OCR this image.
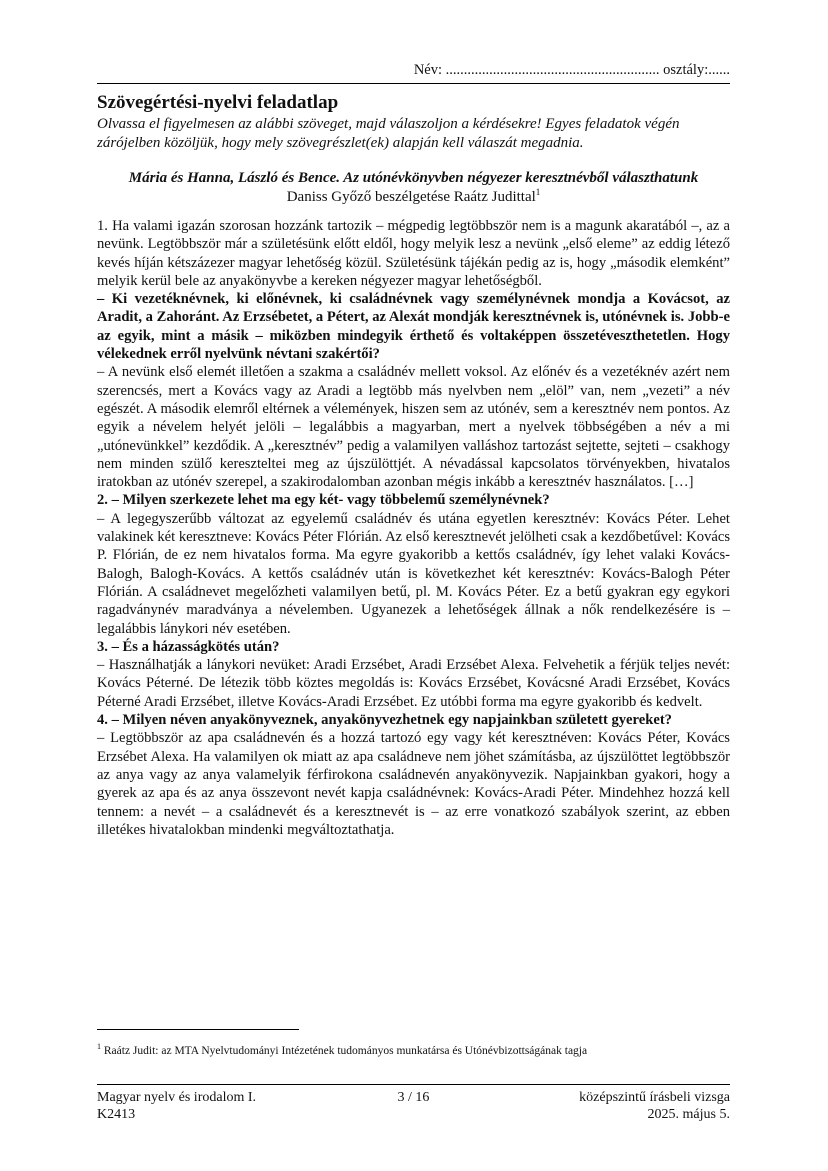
Név: ........................................................... osztály:......
Szövegértési-nyelvi feladatlap
Olvassa el figyelmesen az alábbi szöveget, majd válaszoljon a kérdésekre! Egyes feladatok végén zárójelben közöljük, hogy mely szövegrészlet(ek) alapján kell válaszát megadnia.
Mária és Hanna, László és Bence. Az utónévkönyvben négyezer keresztnévből választhatunk
Daniss Győző beszélgetése Raátz Judittal$^1$

1. Ha valami igazán szorosan hozzánk tartozik – mégpedig legtöbbször nem is a magunk akaratából –, az a nevünk. Legtöbbször már a születésünk előtt eldől, hogy melyik lesz a nevünk „első eleme” az eddig létező kevés híján kétszázezer magyar lehetőség közül. Születésünk tájékán pedig az is, hogy „második elemként” melyik kerül bele az anyakönyvbe a kereken négyezer magyar lehetőségből.

– Ki vezetéknévnek, ki előnévnek, ki családnévnek vagy személynévnek mondja a Kovácsot, az Aradit, a Zahoránt. Az Erzsébetet, a Pétert, az Alexát mondják keresztnévnek is, utónévnek is. Jobb-e az egyik, mint a másik – miközben mindegyik érthető és voltaképpen összetéveszthetetlen. Hogy vélekednek erről nyelvünk névtani szakértői?

– A nevünk első elemét illetően a szakma a családnév mellett voksol. Az előnév és a vezetéknév azért nem szerencsés, mert a Kovács vagy az Aradi a legtöbb más nyelvben nem „elöl” van, nem „vezeti” a név egészét. A második elemről eltérnek a vélemények, hiszen sem az utónév, sem a keresztnév nem pontos. Az egyik a névelem helyét jelöli – legalábbis a magyarban, mert a nyelvek többségében a név a mi „utónevünkkel” kezdődik. A „keresztnév” pedig a valamilyen valláshoz tartozást sejtette, sejteti – csakhogy nem minden szülő kereszteltei meg az újszülöttjét. A névadással kapcsolatos törvényekben, hivatalos iratokban az utónév szerepel, a szakirodalomban azonban mégis inkább a keresztnév használatos. […]

2. – Milyen szerkezete lehet ma egy két- vagy többelemű személynévnek?

– A legegyszerűbb változat az egyelemű családnév és utána egyetlen keresztnév: Kovács Péter. Lehet valakinek két keresztneve: Kovács Péter Flórián. Az első keresztnevét jelölheti csak a kezdőbetűvel: Kovács P. Flórián, de ez nem hivatalos forma. Ma egyre gyakoribb a kettős családnév, így lehet valaki Kovács-Balogh, Balogh-Kovács. A kettős családnév után is következhet két keresztnév: Kovács-Balogh Péter Flórián. A családnevet megelőzheti valamilyen betű, pl. M. Kovács Péter. Ez a betű gyakran egy egykori ragadványnév maradványa a névelemben. Ugyanezek a lehetőségek állnak a nők rendelkezésére is – legalábbis lánykori név esetében.

3. – És a házasságkötés után?

– Használhatják a lánykori nevüket: Aradi Erzsébet, Aradi Erzsébet Alexa. Felvehetik a férjük teljes nevét: Kovács Péterné. De létezik több köztes megoldás is: Kovács Erzsébet, Kovácsné Aradi Erzsébet, Kovács Péterné Aradi Erzsébet, illetve Kovács-Aradi Erzsébet. Ez utóbbi forma ma egyre gyakoribb és kedvelt.

4. – Milyen néven anyakönyveznek, anyakönyvezhetnek egy napjainkban született gyereket?

– Legtöbbször az apa családnevén és a hozzá tartozó egy vagy két keresztnéven: Kovács Péter, Kovács Erzsébet Alexa. Ha valamilyen ok miatt az apa családneve nem jöhet számításba, az újszülöttet legtöbbször az anya vagy az anya valamelyik férfirokona családnevén anyakönyvezik. Napjainkban gyakori, hogy a gyerek az apa és az anya összevont nevét kapja családnévnek: Kovács-Aradi Péter. Mindehhez hozzá kell tennem: a nevét – a családnevét és a keresztnevét is – az erre vonatkozó szabályok szerint, az ebben illetékes hivatalokban mindenki megváltoztathatja.

$^1$ Raátz Judit: az MTA Nyelvtudományi Intézetének tudományos munkatársa és Utónévbizottságának tagja
Magyar nyelv és irodalom I.
K2413
3 / 16	középszintű írásbeli vizsga
2025. május 5.
